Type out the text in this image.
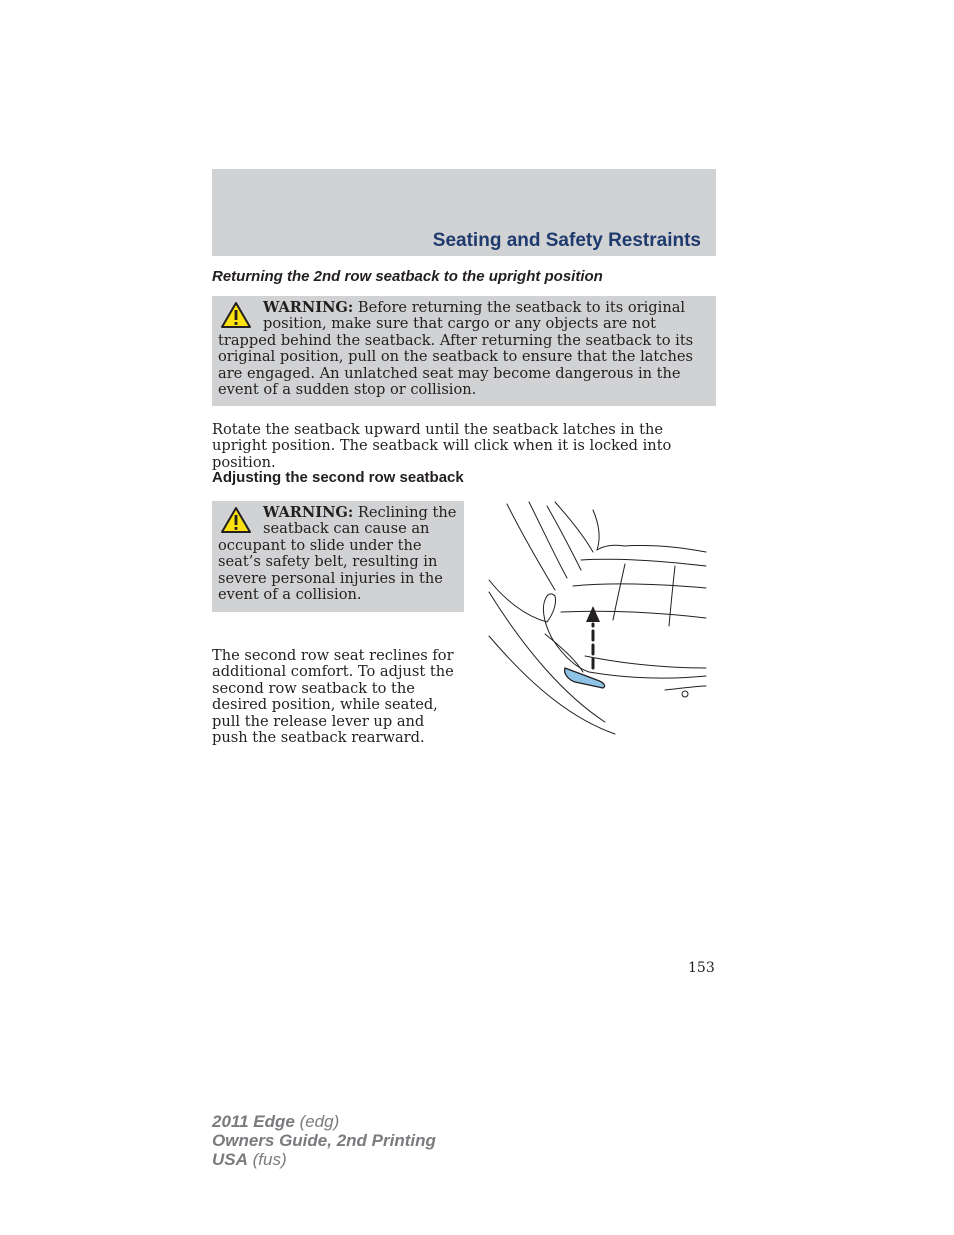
Seating and Safety Restraints
Returning the 2nd row seatback to the upright position
WARNING: Before returning the seatback to its original position, make sure that cargo or any objects are not trapped behind the seatback. After returning the seatback to its original position, pull on the seatback to ensure that the latches are engaged. An unlatched seat may become dangerous in the event of a sudden stop or collision.
Rotate the seatback upward until the seatback latches in the upright position. The seatback will click when it is locked into position.
Adjusting the second row seatback
WARNING: Reclining the seatback can cause an occupant to slide under the seat’s safety belt, resulting in severe personal injuries in the event of a collision.
The second row seat reclines for additional comfort. To adjust the second row seatback to the desired position, while seated, pull the release lever up and push the seatback rearward.
153
2011 Edge (edg)
Owners Guide, 2nd Printing
USA (fus)
